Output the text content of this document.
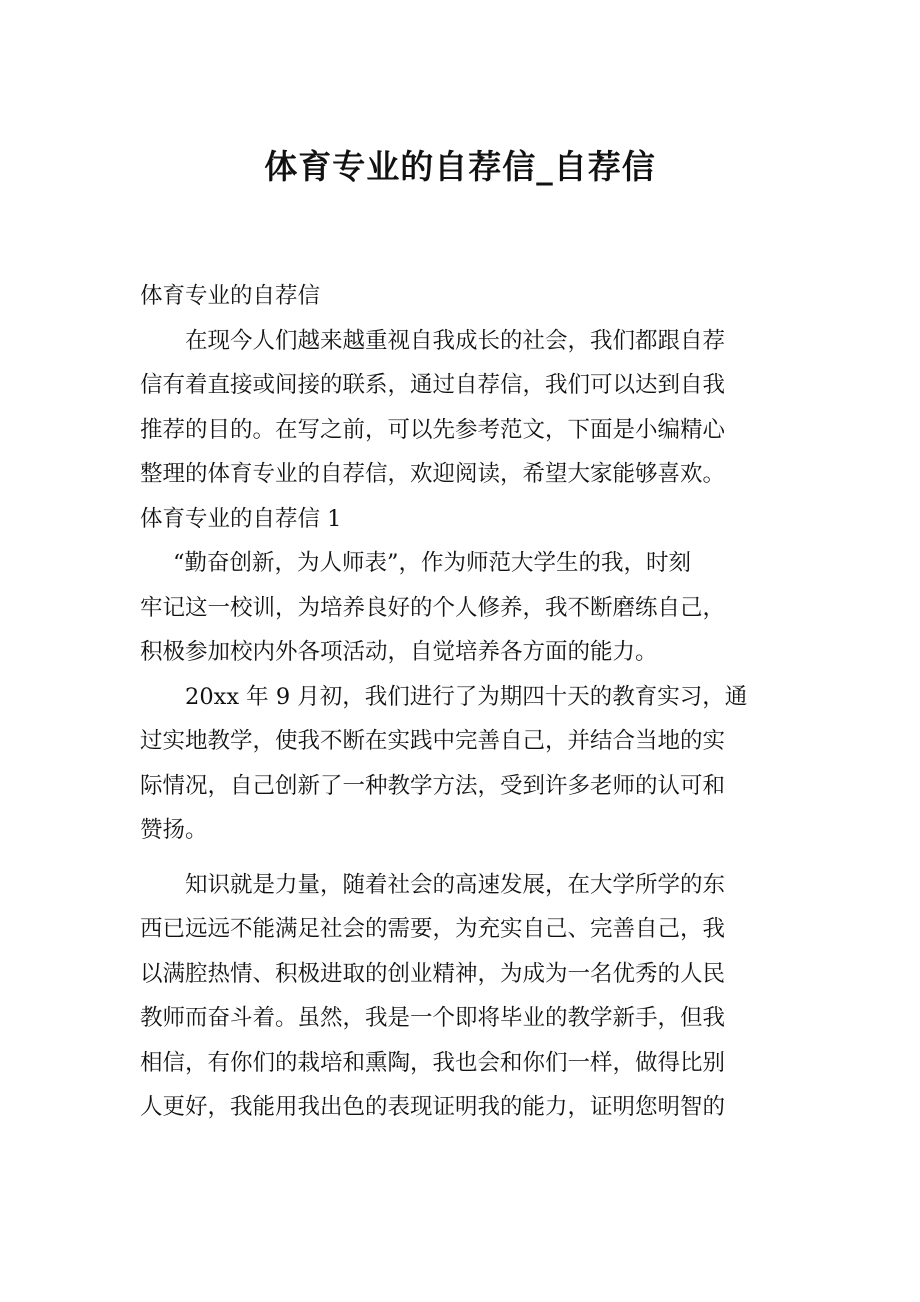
体育专业的自荐信_自荐信

体育专业的自荐信

在现今人们越来越重视自我成长的社会，我们都跟自荐
信有着直接或间接的联系，通过自荐信，我们可以达到自我
推荐的目的。在写之前，可以先参考范文，下面是小编精心
整理的体育专业的自荐信，欢迎阅读，希望大家能够喜欢。

体育专业的自荐信 1

“勤奋创新，为人师表”，作为师范大学生的我，时刻
牢记这一校训，为培养良好的个人修养，我不断磨练自己，
积极参加校内外各项活动，自觉培养各方面的能力。

20xx 年 9 月初，我们进行了为期四十天的教育实习，通
过实地教学，使我不断在实践中完善自己，并结合当地的实
际情况，自己创新了一种教学方法，受到许多老师的认可和
赞扬。

知识就是力量，随着社会的高速发展，在大学所学的东
西已远远不能满足社会的需要，为充实自己、完善自己，我
以满腔热情、积极进取的创业精神，为成为一名优秀的人民
教师而奋斗着。虽然，我是一个即将毕业的教学新手，但我
相信，有你们的栽培和熏陶，我也会和你们一样，做得比别
人更好，我能用我出色的表现证明我的能力，证明您明智的
